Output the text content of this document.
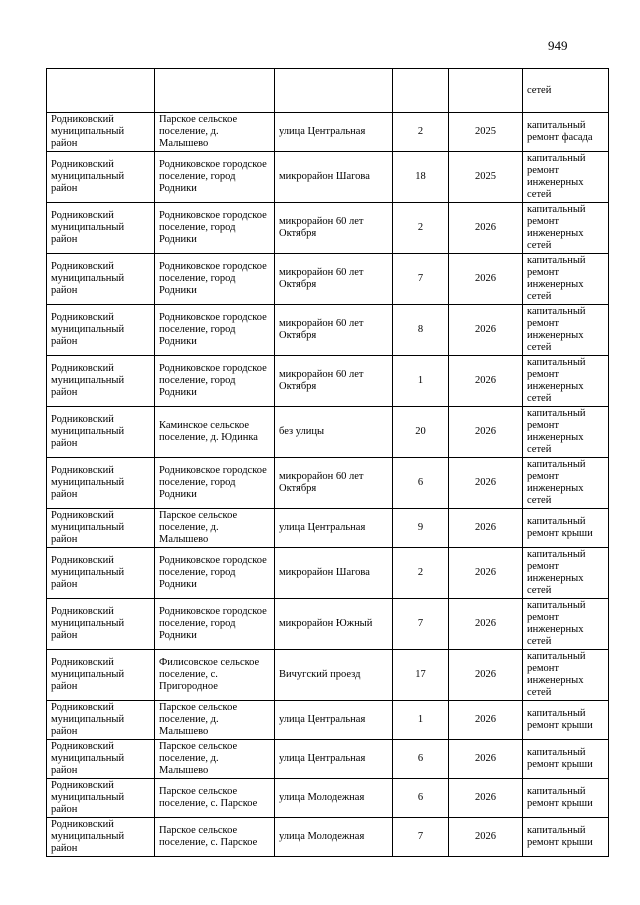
949
					сетей
Родниковский муниципальный район	Парское сельское поселение, д. Малышево	улица Центральная	2	2025	капитальный ремонт фасада
Родниковский муниципальный район	Родниковское городское поселение, город Родники	микрорайон Шагова	18	2025	капитальный ремонт инженерных сетей
Родниковский муниципальный район	Родниковское городское поселение, город Родники	микрорайон 60 лет Октября	2	2026	капитальный ремонт инженерных сетей
Родниковский муниципальный район	Родниковское городское поселение, город Родники	микрорайон 60 лет Октября	7	2026	капитальный ремонт инженерных сетей
Родниковский муниципальный район	Родниковское городское поселение, город Родники	микрорайон 60 лет Октября	8	2026	капитальный ремонт инженерных сетей
Родниковский муниципальный район	Родниковское городское поселение, город Родники	микрорайон 60 лет Октября	1	2026	капитальный ремонт инженерных сетей
Родниковский муниципальный район	Каминское сельское поселение, д. Юдинка	без улицы	20	2026	капитальный ремонт инженерных сетей
Родниковский муниципальный район	Родниковское городское поселение, город Родники	микрорайон 60 лет Октября	6	2026	капитальный ремонт инженерных сетей
Родниковский муниципальный район	Парское сельское поселение, д. Малышево	улица Центральная	9	2026	капитальный ремонт крыши
Родниковский муниципальный район	Родниковское городское поселение, город Родники	микрорайон Шагова	2	2026	капитальный ремонт инженерных сетей
Родниковский муниципальный район	Родниковское городское поселение, город Родники	микрорайон Южный	7	2026	капитальный ремонт инженерных сетей
Родниковский муниципальный район	Филисовское сельское поселение, с. Пригородное	Вичугский проезд	17	2026	капитальный ремонт инженерных сетей
Родниковский муниципальный район	Парское сельское поселение, д. Малышево	улица Центральная	1	2026	капитальный ремонт крыши
Родниковский муниципальный район	Парское сельское поселение, д. Малышево	улица Центральная	6	2026	капитальный ремонт крыши
Родниковский муниципальный район	Парское сельское поселение, с. Парское	улица Молодежная	6	2026	капитальный ремонт крыши
Родниковский муниципальный район	Парское сельское поселение, с. Парское	улица Молодежная	7	2026	капитальный ремонт крыши
